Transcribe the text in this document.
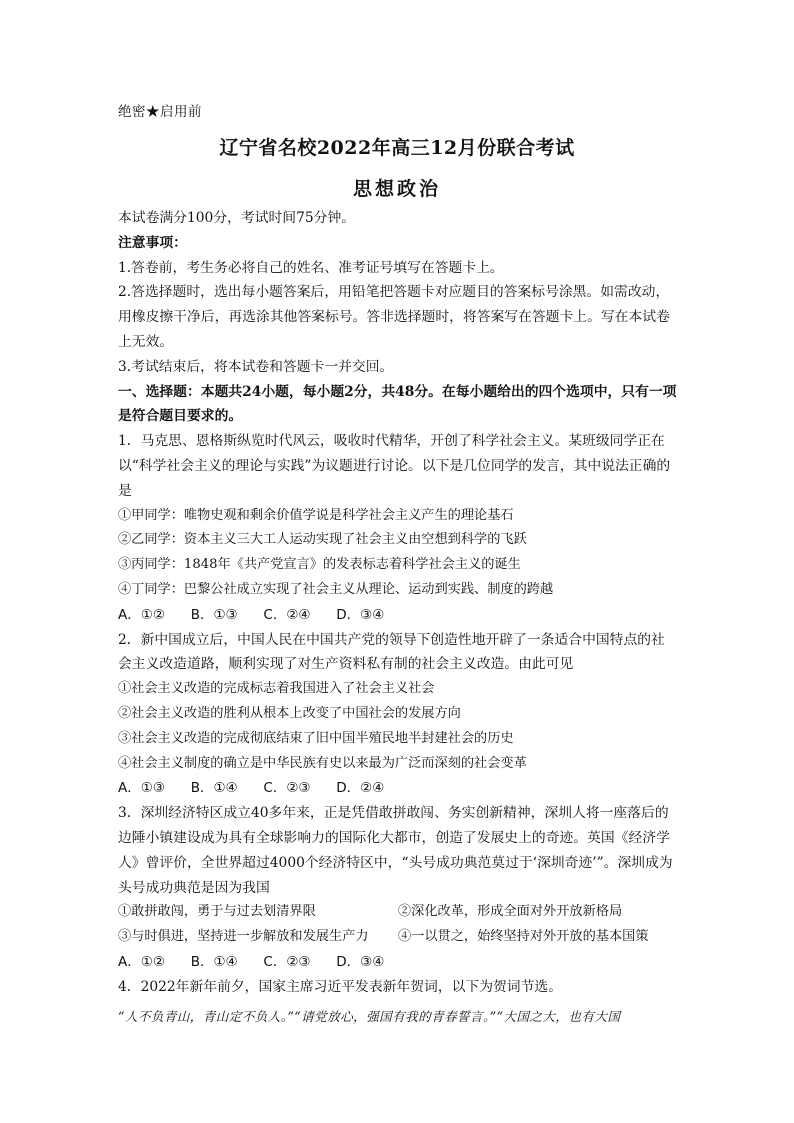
绝密★启用前
辽宁省名校2022年高三12月份联合考试
思想政治

本试卷满分100分，考试时间75分钟。

注意事项：

1.答卷前，考生务必将自己的姓名、准考证号填写在答题卡上。

2.答选择题时，选出每小题答案后，用铅笔把答题卡对应题目的答案标号涂黑。如需改动，用橡皮擦干净后，再选涂其他答案标号。答非选择题时，将答案写在答题卡上。写在本试卷上无效。

3.考试结束后，将本试卷和答题卡一并交回。

一、选择题：本题共24小题，每小题2分，共48分。在每小题给出的四个选项中，只有一项是符合题目要求的。

1．马克思、恩格斯纵览时代风云，吸收时代精华，开创了科学社会主义。某班级同学正在以“科学社会主义的理论与实践”为议题进行讨论。以下是几位同学的发言，其中说法正确的是

①甲同学：唯物史观和剩余价值学说是科学社会主义产生的理论基石

②乙同学：资本主义三大工人运动实现了社会主义由空想到科学的飞跃

③丙同学：1848年《共产党宣言》的发表标志着科学社会主义的诞生

④丁同学：巴黎公社成立实现了社会主义从理论、运动到实践、制度的跨越

A．①②      B．①③      C．②④      D．③④

2．新中国成立后，中国人民在中国共产党的领导下创造性地开辟了一条适合中国特点的社会主义改造道路，顺利实现了对生产资料私有制的社会主义改造。由此可见

①社会主义改造的完成标志着我国进入了社会主义社会

②社会主义改造的胜利从根本上改变了中国社会的发展方向

③社会主义改造的完成彻底结束了旧中国半殖民地半封建社会的历史

④社会主义制度的确立是中华民族有史以来最为广泛而深刻的社会变革

A．①③      B．①④      C．②③      D．②④

3．深圳经济特区成立40多年来，正是凭借敢拼敢闯、务实创新精神，深圳人将一座落后的边陲小镇建设成为具有全球影响力的国际化大都市，创造了发展史上的奇迹。英国《经济学人》曾评价，全世界超过4000个经济特区中，“头号成功典范莫过于‘深圳奇迹’”。深圳成为头号成功典范是因为我国

①敢拼敢闯，勇于与过去划清界限	②深化改革，形成全面对外开放新格局

③与时俱进，坚持进一步解放和发展生产力	④一以贯之，始终坚持对外开放的基本国策

A．①②      B．①④      C．②③      D．③④

4．2022年新年前夕，国家主席习近平发表新年贺词，以下为贺词节选。

“人不负青山，青山定不负人。”“请党放心，强国有我的青春誓言。”“大国之大，也有大国
